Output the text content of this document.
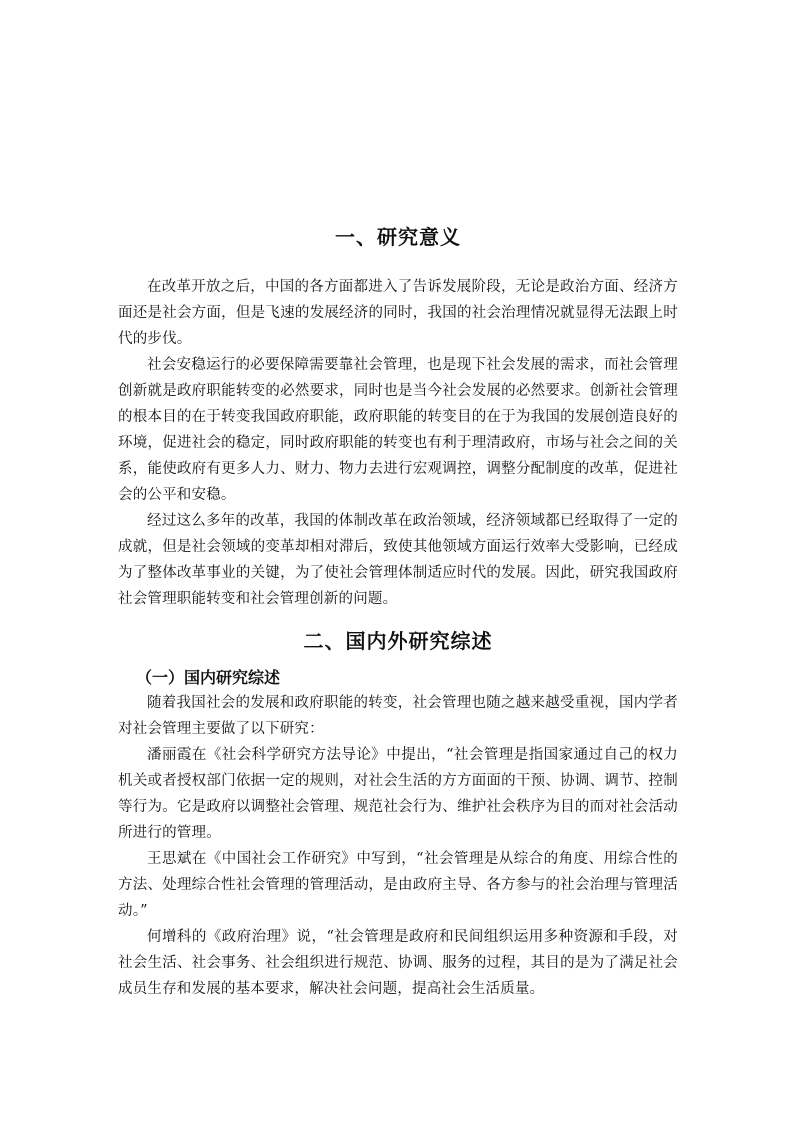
一、研究意义

在改革开放之后，中国的各方面都进入了告诉发展阶段，无论是政治方面、经济方面还是社会方面，但是飞速的发展经济的同时，我国的社会治理情况就显得无法跟上时代的步伐。

社会安稳运行的必要保障需要靠社会管理，也是现下社会发展的需求，而社会管理创新就是政府职能转变的必然要求，同时也是当今社会发展的必然要求。创新社会管理的根本目的在于转变我国政府职能，政府职能的转变目的在于为我国的发展创造良好的环境，促进社会的稳定，同时政府职能的转变也有利于理清政府，市场与社会之间的关系，能使政府有更多人力、财力、物力去进行宏观调控，调整分配制度的改革，促进社会的公平和安稳。

经过这么多年的改革，我国的体制改革在政治领域，经济领域都已经取得了一定的成就，但是社会领域的变革却相对滞后，致使其他领域方面运行效率大受影响，已经成为了整体改革事业的关键，为了使社会管理体制适应时代的发展。因此，研究我国政府社会管理职能转变和社会管理创新的问题。

二、国内外研究综述
（一）国内研究综述

随着我国社会的发展和政府职能的转变，社会管理也随之越来越受重视，国内学者对社会管理主要做了以下研究：

潘丽霞在《社会科学研究方法导论》中提出，“社会管理是指国家通过自己的权力机关或者授权部门依据一定的规则，对社会生活的方方面面的干预、协调、调节、控制等行为。它是政府以调整社会管理、规范社会行为、维护社会秩序为目的而对社会活动所进行的管理。

王思斌在《中国社会工作研究》中写到，“社会管理是从综合的角度、用综合性的方法、处理综合性社会管理的管理活动，是由政府主导、各方参与的社会治理与管理活动。”

何增科的《政府治理》说，“社会管理是政府和民间组织运用多种资源和手段，对社会生活、社会事务、社会组织进行规范、协调、服务的过程，其目的是为了满足社会成员生存和发展的基本要求，解决社会问题，提高社会生活质量。
